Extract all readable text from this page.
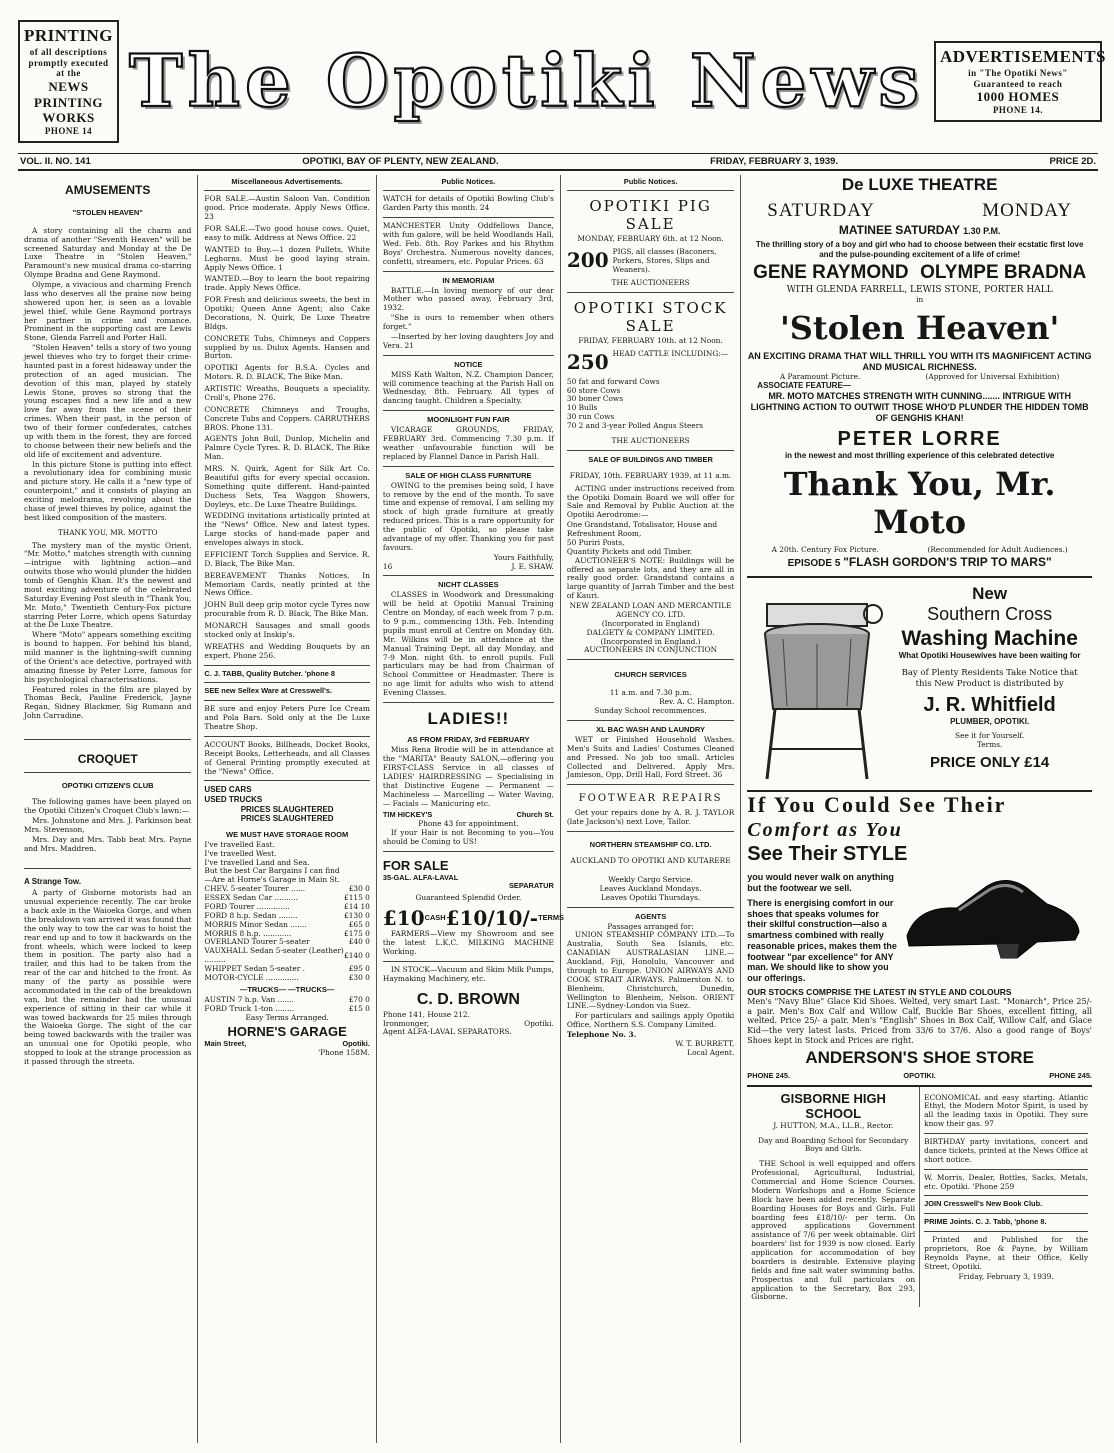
PRINTING
of all descriptions
promptly executed at the
NEWS PRINTING WORKS
PHONE 14
The Opotiki News ADVERTISEMENTS
in "The Opotiki News"
Guaranteed to reach
1000 HOMES
PHONE 14.
VOL. II. NO. 141	OPOTIKI, BAY OF PLENTY, NEW ZEALAND.	FRIDAY, FEBRUARY 3, 1939.	PRICE 2D.
AMUSEMENTS
"STOLEN HEAVEN"

A story containing all the charm and drama of another "Seventh Heaven" will be screened Saturday and Monday at the De Luxe Theatre in "Stolen Heaven," Paramount's new musical drama co-starring Olympe Bradna and Gene Raymond.

Olympe, a vivacious and charming French lass who deserves all the praise now being showered upon her, is seen as a lovable jewel thief, while Gene Raymond portrays her partner in crime and romance. Prominent in the supporting cast are Lewis Stone, Glenda Farrell and Porter Hall.

"Stolen Heaven" tells a story of two young jewel thieves who try to forget their crime-haunted past in a forest hideaway under the protection of an aged musician. The devotion of this man, played by stately Lewis Stone, proves so strong that the young escapes find a new life and a new love far away from the scene of their crimes. When their past, in the person of two of their former confederates, catches up with them in the forest, they are forced to choose between their new beliefs and the old life of excitement and adventure.

In this picture Stone is putting into effect a revolutionary idea for combining music and picture story. He calls it a "new type of counterpoint," and it consists of playing an exciting melodrama, revolving about the chase of jewel thieves by police, against the best liked composition of the masters.

THANK YOU, MR. MOTTO

The mystery man of the mystic Orient, "Mr. Motto," matches strength with cunning—intrigue with lightning action—and outwits those who would plunder the hidden tomb of Genghis Khan. It's the newest and most exciting adventure of the celebrated Saturday Evening Post sleuth in "Thank You, Mr. Moto," Twentieth Century-Fox picture starring Peter Lorre, which opens Saturday at the De Luxe Theatre.

Where "Moto" appears something exciting is bound to happen. For behind his bland, mild manner is the lightning-swift cunning of the Orient's ace detective, portrayed with amazing finesse by Peter Lorre, famous for his psychological characterisations.

Featured roles in the film are played by Thomas Beck, Pauline Frederick, Jayne Regan, Sidney Blackmer, Sig Rumann and John Carradine.

CROQUET
OPOTIKI CITIZEN'S CLUB

The following games have been played on the Opotiki Citizen's Croquet Club's lawn:—

Mrs. Johnstone and Mrs. J. Parkinson beat Mrs. Stevenson,

Mrs. Day and Mrs. Tabb beat Mrs. Payne and Mrs. Maddren.

A Strange Tow.

A party of Gisborne motorists had an unusual experience recently. The car broke a back axle in the Waioeka Gorge, and when the breakdown van arrived it was found that the only way to tow the car was to hoist the rear end up and to tow it backwards on the front wheels, which were locked to keep them in position. The party also had a trailer, and this had to be taken from the rear of the car and hitched to the front. As many of the party as possible were accommodated in the cab of the breakdown van, but the remainder had the unusual experience of sitting in their car while it was towed backwards for 25 miles through the Waioeka Gorge. The sight of the car being towed backwards with the trailer was an unusual one for Opotiki people, who stopped to look at the strange procession as it passed through the streets.

Miscellaneous Advertisements.

FOR SALE.—Austin Saloon Van. Condition good. Price moderate. Apply News Office. 23

FOR SALE.—Two good house cows. Quiet, easy to milk. Address at News Office. 22

WANTED to Buy.—1 dozen Pullets, White Leghorns. Must be good laying strain. Apply News Office. 1

WANTED.—Boy to learn the boot repairing trade. Apply News Office.

FOR Fresh and delicious sweets, the best in Opotiki; Queen Anne Agent; also Cake Decorations, N. Quirk, De Luxe Theatre Bldgs.

CONCRETE Tubs, Chimneys and Coppers supplied by us. Dulux Agents. Hansen and Burton.

OPOTIKI Agents for B.S.A. Cycles and Motors. R. D. BLACK, The Bike Man.

ARTISTIC Wreaths, Bouquets a speciality. Croll's, Phone 276.

CONCRETE Chimneys and Troughs, Concrete Tubs and Coppers. CARRUTHERS BROS. Phone 131.

AGENTS John Bull, Dunlop, Michelin and Palmre Cycle Tyres. R. D. BLACK, The Bike Man.

MRS. N. Quirk, Agent for Silk Art Co. Beautiful gifts for every special occasion. Something quite different. Hand-painted Duchess Sets, Tea Waggon Showers, Doyleys, etc. De Luxe Theatre Buildings.

WEDDING invitations artistically printed at the "News" Office. New and latest types. Large stocks of hand-made paper and envelopes always in stock.

EFFICIENT Torch Supplies and Service. R. D. Black, The Bike Man.

BEREAVEMENT Thanks Notices, In Memoriam Cards, neatly printed at the News Office.

JOHN Bull deep grip motor cycle Tyres now procurable from R. D. Black, The Bike Man.

MONARCH Sausages and small goods stocked only at Inskip's.

WREATHS and Wedding Bouquets by an expert. Phone 256.

C. J. TABB, Quality Butcher. 'phone 8
SEE new Sellex Ware at Cresswell's.

BE sure and enjoy Peters Pure Ice Cream and Pola Bars. Sold only at the De Luxe Theatre Shop.

ACCOUNT Books, Billheads, Docket Books, Receipt Books, Letterheads, and all Classes of General Printing promptly executed at the "News" Office.

USED CARS
USED TRUCKS
PRICES SLAUGHTERED
PRICES SLAUGHTERED
WE MUST HAVE STORAGE ROOM
I've travelled East.
I've travelled West.
I've travelled Land and Sea.
But the best Car Bargains I can find
—Are at Horne's Garage in Main St.
CHEV. 5-seater Tourer ......	£30 0
ESSEX Sedan Car ..........	£115 0
FORD Tourer ..............	£14 10
FORD 8 h.p. Sedan ........	£130 0
MORRIS Minor Sedan .......	£65 0
MORRIS 8 h.p. ............	£175 0
OVERLAND Tourer 5-seater	£40 0
VAUXHALL Sedan 5-seater (Leather) .........	£140 0
WHIPPET Sedan 5-seater .	£95 0
MOTOR-CYCLE ..............	£30 0
—TRUCKS— —TRUCKS—
AUSTIN 7 h.p. Van .......	£70 0
FORD Truck 1-ton ........	£15 0
Easy Terms Arranged.
HORNE'S GARAGE
Main Street,	Opotiki.
'Phone 158M.
Public Notices.

WATCH for details of Opotiki Bowling Club's Garden Party this month. 24

MANCHESTER Unity Oddfellows Dance, with fun galore, will be held Woodlands Hall, Wed. Feb. 8th. Roy Parkes and his Rhythm Boys' Orchestra. Numerous novelty dances, confetti, streamers, etc. Popular Prices. 63

IN MEMORIAM

BATTLE.—In loving memory of our dear Mother who passed away, February 3rd, 1932.

"She is ours to remember when others forget."

—Inserted by her loving daughters Joy and Vera. 21

NOTICE

MISS Kath Walton, N.Z. Champion Dancer, will commence teaching at the Parish Hall on Wednesday, 8th. February. All types of dancing taught. Children a Specialty.

MOONLIGHT FUN FAIR

VICARAGE GROUNDS, FRIDAY, FEBRUARY 3rd. Commencing 7.30 p.m. If weather unfavourable function will be replaced by Flannel Dance in Parish Hall.

SALE OF HIGH CLASS FURNITURE

OWING to the premises being sold, I have to remove by the end of the month. To save time and expense of removal, I am selling my stock of high grade furniture at greatly reduced prices. This is a rare opportunity for the public of Opotiki, so please take advantage of my offer. Thanking you for past favours.

Yours Faithfully,
16	J. E. SHAW.
NICHT CLASSES

CLASSES in Woodwork and Dressmaking will be held at Opotiki Manual Training Centre on Monday, of each week from 7 p.m. to 9 p.m., commencing 13th. Feb. Intending pupils must enroll at Centre on Monday 6th. Mr. Wilkins will be in attendance at the Manual Training Dept. all day Monday, and 7-9 Mon. night 6th. to enroll pupils. Full particulars may be had from Chairman of School Committee or Headmaster. There is no age limit for adults who wish to attend Evening Classes.

LADIES!!
AS FROM FRIDAY, 3rd FEBRUARY

Miss Rena Brodie will be in attendance at the "MARITA" Beauty SALON,—offering you FIRST-CLASS Service in all classes of LADIES' HAIRDRESSING — Specialising in that Distinctive Eugene — Permanent — Machineless — Marcelling — Water Waving, — Facials — Manicuring etc.

TIM HICKEY'S	Church St.
Phone 43 for appointment.

If your Hair is not Becoming to you—You should be Coming to US!

FOR SALE
35-GAL. ALFA-LAVAL
SEPARATUR
Guaranteed Splendid Order.
£10 CASH £10/10/- TERMS

FARMERS—View my Showroom and see the latest L.K.C. MILKING MACHINE Working.

IN STOCK—Vacuum and Skim Milk Pumps, Haymaking Machinery, etc.

C. D. BROWN
Phone 141, House 212.
Ironmonger,	Opotiki.
Agent ALFA-LAVAL SEPARATORS.
Public Notices.
OPOTIKI PIG SALE
MONDAY, FEBRUARY 6th. at 12 Noon.
200 PIGS, all classes (Baconers, Porkers, Stores, Slips and Weaners).
THE AUCTIONEERS
OPOTIKI STOCK SALE
FRIDAY, FEBRUARY 10th. at 12 Noon.
250 HEAD CATTLE INCLUDING:—
50 fat and forward Cows
60 store Cows
30 boner Cows
10 Bulls
30 run Cows
70 2 and 3-year Polled Angus Steers
THE AUCTIONEERS
SALE OF BUILDINGS AND TIMBER
FRIDAY, 10th. FEBRUARY 1939, at 11 a.m.

ACTING under instructions received from the Opotiki Domain Board we will offer for Sale and Removal by Public Auction at the Opotiki Aerodrome:—

One Grandstand, Totalisator, House and Refreshment Room,
50 Puriri Posts,
Quantity Pickets and odd Timber.

AUCTIONEER'S NOTE: Buildings will be offered as separate lots, and they are all in really good order. Grandstand contains a large quantity of Jarrah Timber and the best of Kauri.

NEW ZEALAND LOAN AND MERCANTILE AGENCY CO. LTD.
(Incorporated in England)
DALGETY & COMPANY LIMITED.
(Incorporated in England.)
AUCTIONEERS IN CONJUNCTION
CHURCH SERVICES
11 a.m. and 7.30 p.m.
Rev. A. C. Hampton.
Sunday School recommences.
XL BAC WASH AND LAUNDRY

WET or Finished Household Washes. Men's Suits and Ladies' Costumes Cleaned and Pressed. No job too small. Articles Collected and Delivered. Apply Mrs. Jamieson, Opp. Drill Hall, Ford Street. 36

FOOTWEAR REPAIRS

Get your repairs done by A. R. J. TAYLOR (late Jackson's) next Love, Tailor.

NORTHERN STEAMSHIP CO. LTD.
AUCKLAND TO OPOTIKI AND KUTARERE
Weekly Cargo Service.
Leaves Auckland Mondays.
Leaves Opotiki Thursdays.
AGENTS
Passages arranged for:

UNION STEAMSHIP COMPANY LTD.—To Australia, South Sea Islands, etc. CANADIAN AUSTRALASIAN LINE.—Auckland, Fiji, Honolulu, Vancouver and through to Europe. UNION AIRWAYS AND COOK STRAIT AIRWAYS. Palmerston N. to Blenheim, Christchurch, Dunedin, Wellington to Blenheim, Nelson. ORIENT LINE.—Sydney-London via Suez.

For particulars and sailings apply Opotiki Office, Northern S.S. Company Limited.

Telephone No. 3.
W. T. BURRETT,
Local Agent.
De LUXE THEATRE
SATURDAY	MONDAY
MATINEE SATURDAY 1.30 P.M.
The thrilling story of a boy and girl who had to choose between their ecstatic first love and the pulse-pounding excitement of a life of crime!
GENE RAYMOND OLYMPE BRADNA
WITH GLENDA FARRELL, LEWIS STONE, PORTER HALL
in
'Stolen Heaven'
AN EXCITING DRAMA THAT WILL THRILL YOU WITH ITS MAGNIFICENT ACTING AND MUSICAL RICHNESS.
A Paramount Picture.	(Approved for Universal Exhibition)
ASSOCIATE FEATURE—
MR. MOTO MATCHES STRENGTH WITH CUNNING....... INTRIGUE WITH LIGHTNING ACTION TO OUTWIT THOSE WHO'D PLUNDER THE HIDDEN TOMB OF GENGHIS KHAN!
PETER LORRE
in the newest and most thrilling experience of this celebrated detective
Thank You, Mr. Moto
A 20th. Century Fox Picture.	(Recommended for Adult Audiences.)
EPISODE 5 "FLASH GORDON'S TRIP TO MARS"
New
Southern Cross
Washing Machine
What Opotiki Housewives have been waiting for
Bay of Plenty Residents Take Notice that this New Product is distributed by
J. R. Whitfield
PLUMBER, OPOTIKI.
See it for Yourself.
Terms.
PRICE ONLY £14
If You Could See Their
Comfort as You
See Their STYLE
you would never walk on anything but the footwear we sell.
There is energising comfort in our shoes that speaks volumes for their skilful construction—also a smartness combined with really reasonable prices, makes them the footwear "par excellence" for ANY man. We should like to show you our offerings.
OUR STOCKS COMPRISE THE LATEST IN STYLE AND COLOURS

Men's "Navy Blue" Glace Kid Shoes. Welted, very smart Last. "Monarch", Price 25/- a pair. Men's Box Calf and Willow Calf, Buckle Bar Shoes, excellent fitting, all welted. Price 25/- a pair. Men's "English" Shoes in Box Calf, Willow Calf, and Glace Kid—the very latest lasts. Priced from 33/6 to 37/6. Also a good range of Boys' Shoes kept in Stock and Prices are right.

ANDERSON'S SHOE STORE
PHONE 245.	OPOTIKI.	PHONE 245.
GISBORNE HIGH SCHOOL
J. HUTTON, M.A., LL.B., Rector.
Day and Boarding School for Secondary Boys and Girls.

THE School is well equipped and offers Professional, Agricultural, Industrial, Commercial and Home Science Courses. Modern Workshops and a Home Science Block have been added recently. Separate Boarding Houses for Boys and Girls. Full boarding fees £18/10/- per term. On approved applications Government assistance of 7/6 per week obtainable. Girl boarders' list for 1939 is now closed. Early application for accommodation of boy boarders is desirable. Extensive playing fields and fine salt water swimming baths. Prospectus and full particulars on application to the Secretary, Box 293, Gisborne.

ECONOMICAL and easy starting. Atlantic Ethyl, the Modern Motor Spirit, is used by all the leading taxis in Opotiki. They sure know their gas. 97

BIRTHDAY party invitations, concert and dance tickets, printed at the News Office at short notice.

W. Morris, Dealer, Bottles, Sacks, Metals, etc. Opotiki. 'Phone 259

JOIN Cresswell's New Book Club.
PRIME Joints. C. J. Tabb, 'phone 8.

Printed and Published for the proprietors, Roe & Payne, by William Reynolds Payne, at their Office, Kelly Street, Opotiki.

Friday, February 3, 1939.
